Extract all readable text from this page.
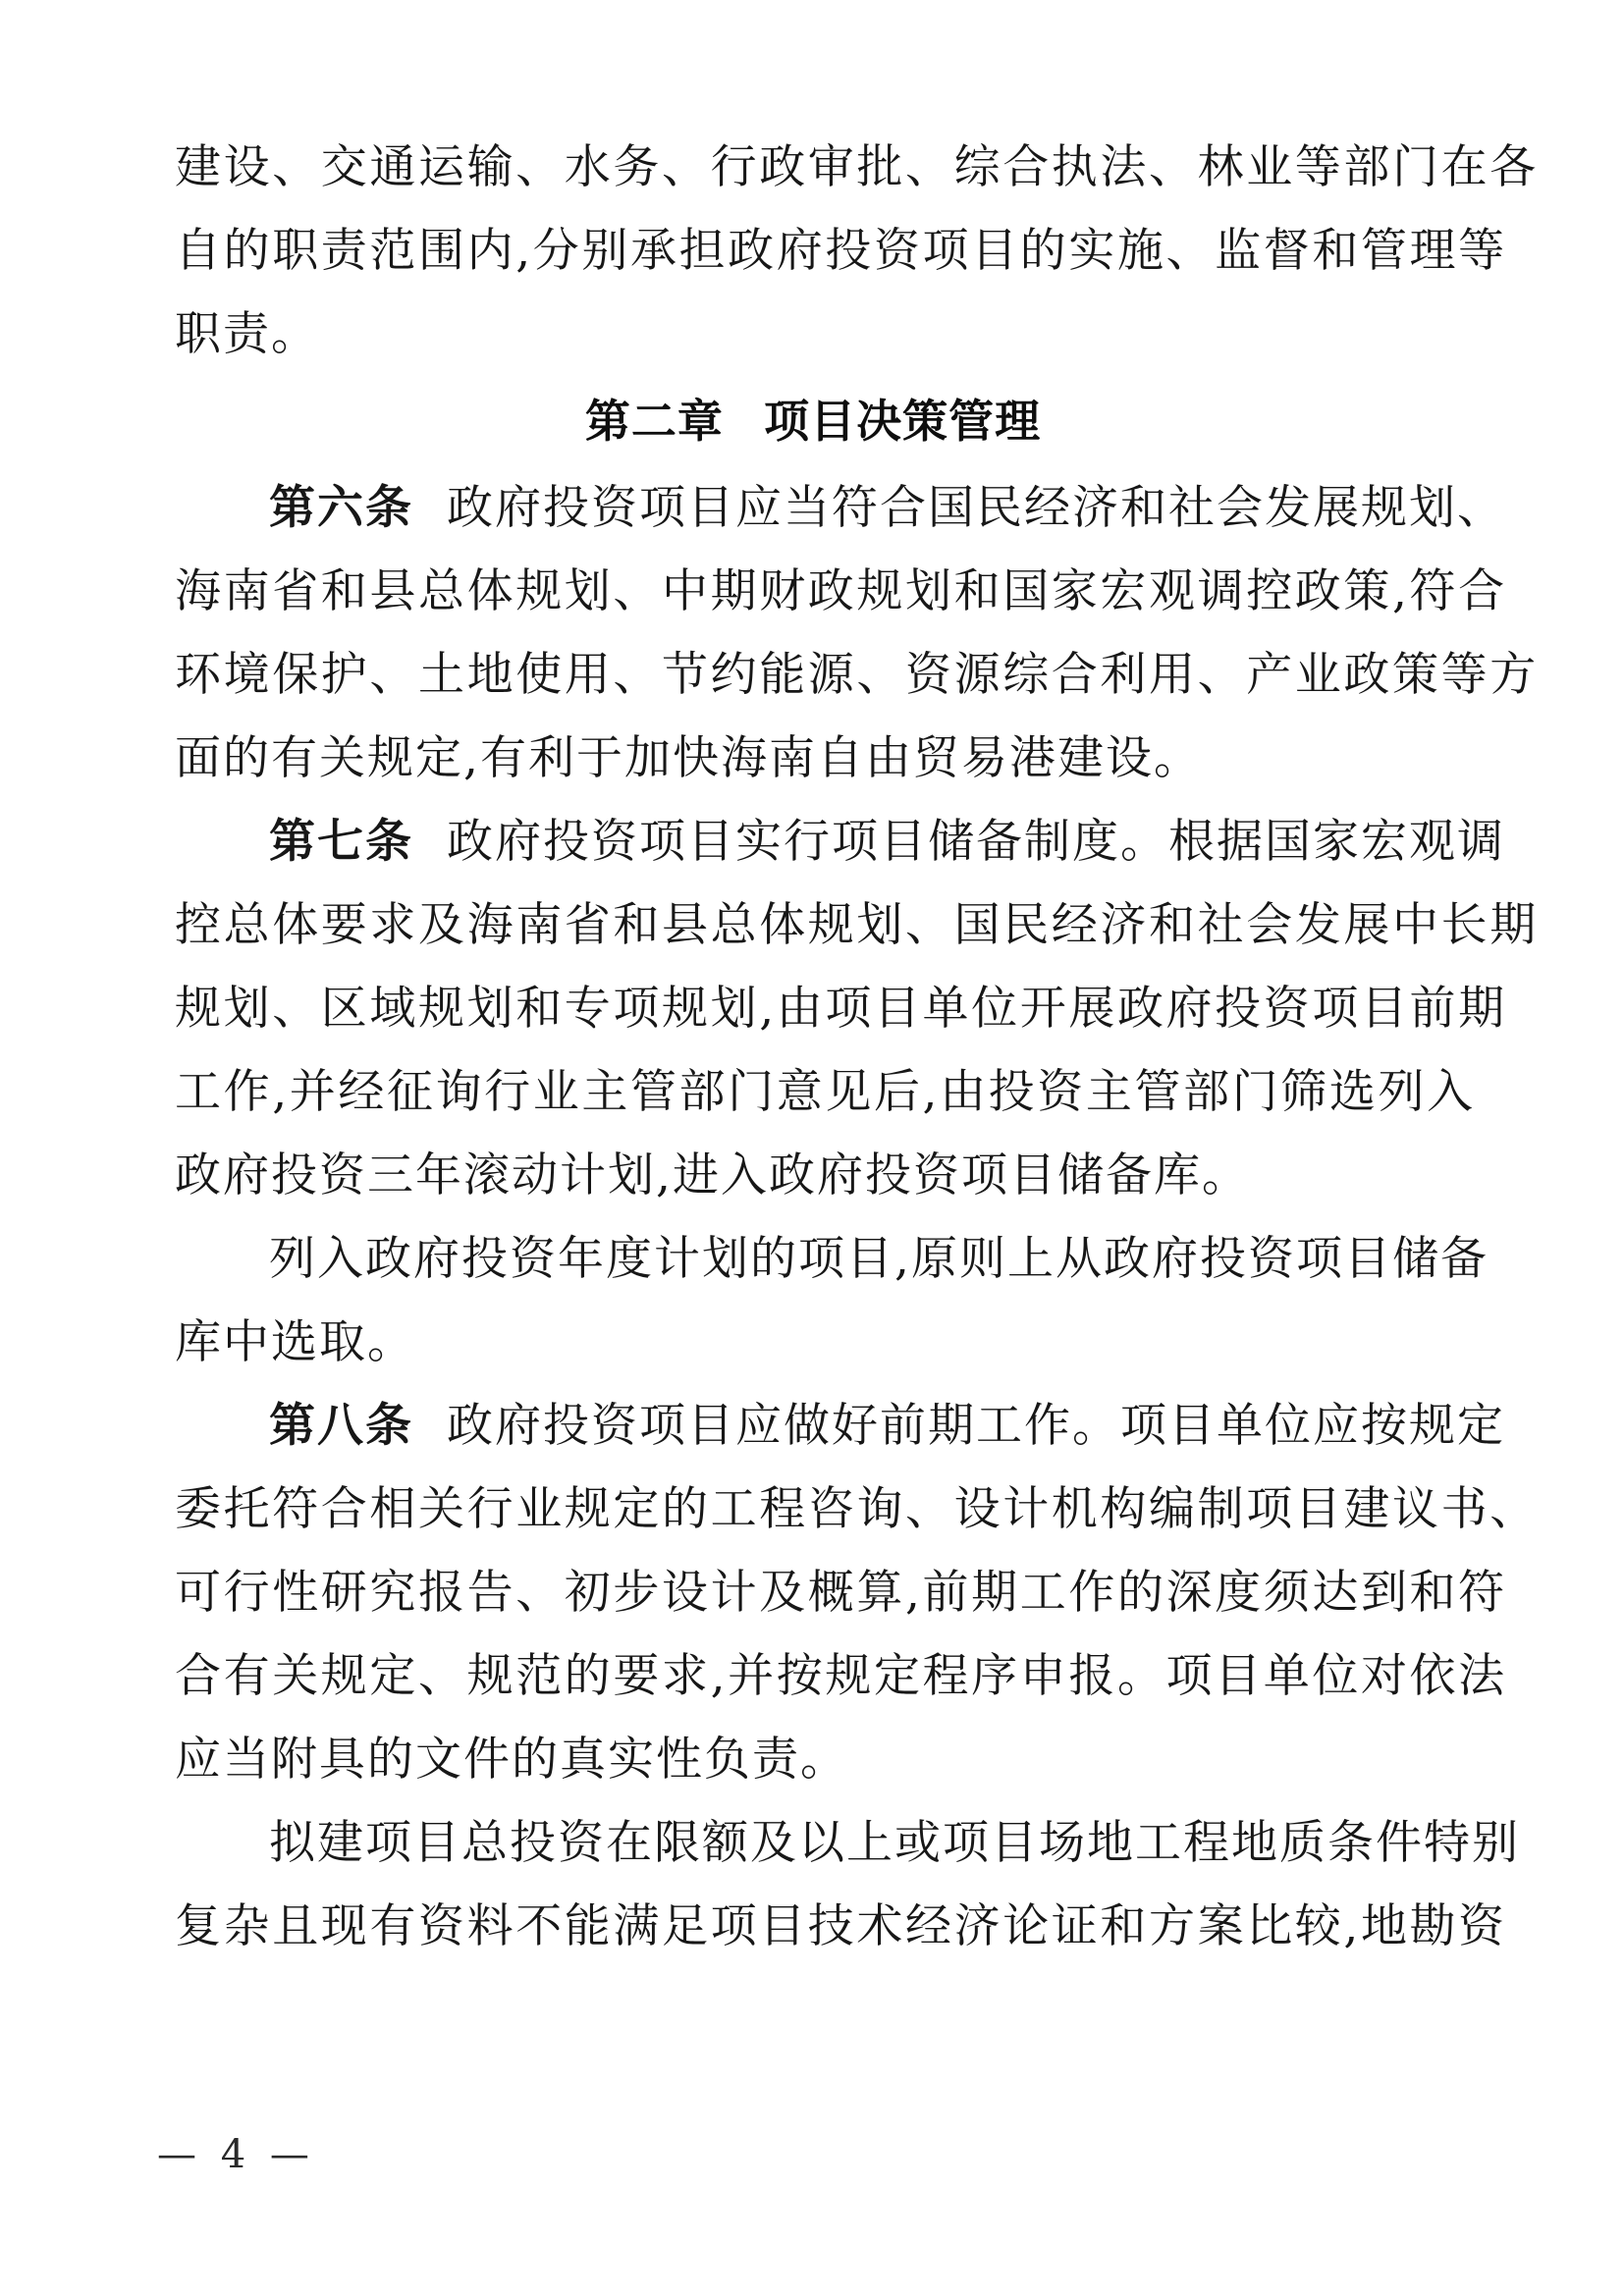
建设、交通运输、水务、行政审批、综合执法、林业等部门在各
自的职责范围内,分别承担政府投资项目的实施、监督和管理等
职责。
第二章   项目决策管理
第六条 政府投资项目应当符合国民经济和社会发展规划、
海南省和县总体规划、中期财政规划和国家宏观调控政策,符合
环境保护、土地使用、节约能源、资源综合利用、产业政策等方
面的有关规定,有利于加快海南自由贸易港建设。
第七条 政府投资项目实行项目储备制度。根据国家宏观调
控总体要求及海南省和县总体规划、国民经济和社会发展中长期
规划、区域规划和专项规划,由项目单位开展政府投资项目前期
工作,并经征询行业主管部门意见后,由投资主管部门筛选列入
政府投资三年滚动计划,进入政府投资项目储备库。
列入政府投资年度计划的项目,原则上从政府投资项目储备
库中选取。
第八条 政府投资项目应做好前期工作。项目单位应按规定
委托符合相关行业规定的工程咨询、设计机构编制项目建议书、
可行性研究报告、初步设计及概算,前期工作的深度须达到和符
合有关规定、规范的要求,并按规定程序申报。项目单位对依法
应当附具的文件的真实性负责。
拟建项目总投资在限额及以上或项目场地工程地质条件特别
复杂且现有资料不能满足项目技术经济论证和方案比较,地勘资
— 4 —
